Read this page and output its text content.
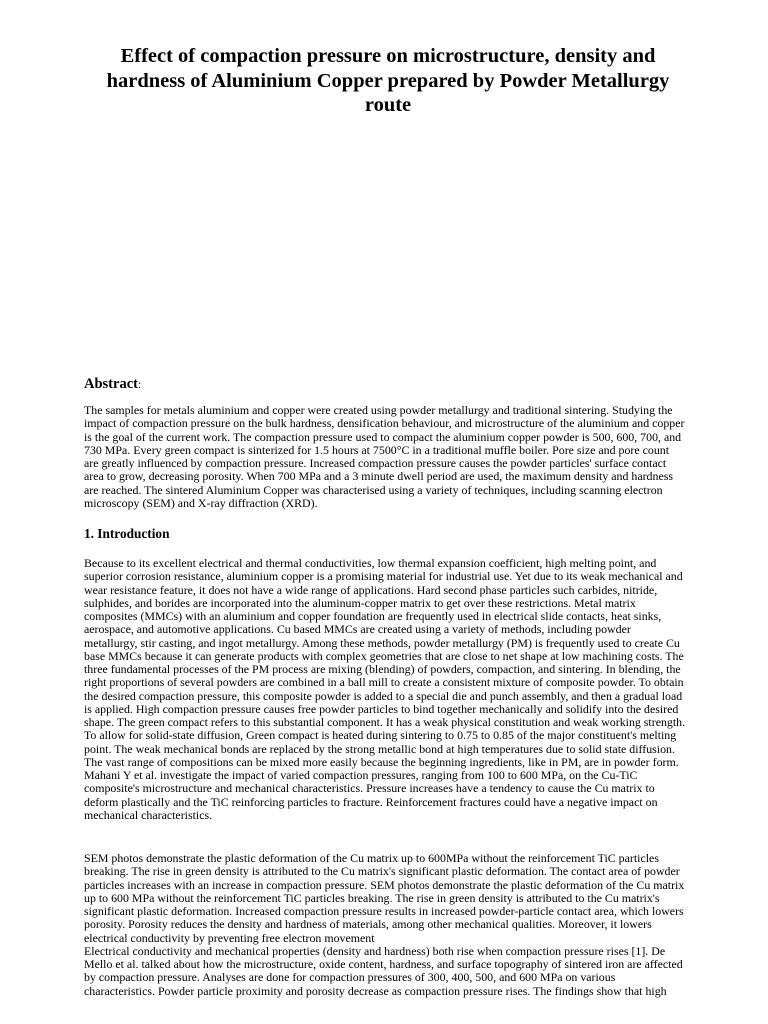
Effect of compaction pressure on microstructure, density and hardness of Aluminium Copper prepared by Powder Metallurgy route
Abstract:

The samples for metals aluminium and copper were created using powder metallurgy and traditional sintering. Studying the impact of compaction pressure on the bulk hardness, densification behaviour, and microstructure of the aluminium and copper is the goal of the current work. The compaction pressure used to compact the aluminium copper powder is 500, 600, 700, and 730 MPa. Every green compact is sinterized for 1.5 hours at 7500°C in a traditional muffle boiler. Pore size and pore count are greatly influenced by compaction pressure. Increased compaction pressure causes the powder particles' surface contact area to grow, decreasing porosity. When 700 MPa and a 3 minute dwell period are used, the maximum density and hardness are reached. The sintered Aluminium Copper was characterised using a variety of techniques, including scanning electron microscopy (SEM) and X-ray diffraction (XRD).

1. Introduction

Because to its excellent electrical and thermal conductivities, low thermal expansion coefficient, high melting point, and superior corrosion resistance, aluminium copper is a promising material for industrial use. Yet due to its weak mechanical and wear resistance feature, it does not have a wide range of applications. Hard second phase particles such carbides, nitride, sulphides, and borides are incorporated into the aluminum-copper matrix to get over these restrictions. Metal matrix composites (MMCs) with an aluminium and copper foundation are frequently used in electrical slide contacts, heat sinks, aerospace, and automotive applications. Cu based MMCs are created using a variety of methods, including powder metallurgy, stir casting, and ingot metallurgy. Among these methods, powder metallurgy (PM) is frequently used to create Cu base MMCs because it can generate products with complex geometries that are close to net shape at low machining costs. The three fundamental processes of the PM process are mixing (blending) of powders, compaction, and sintering. In blending, the right proportions of several powders are combined in a ball mill to create a consistent mixture of composite powder. To obtain the desired compaction pressure, this composite powder is added to a special die and punch assembly, and then a gradual load is applied. High compaction pressure causes free powder particles to bind together mechanically and solidify into the desired shape. The green compact refers to this substantial component. It has a weak physical constitution and weak working strength. To allow for solid-state diffusion, Green compact is heated during sintering to 0.75 to 0.85 of the major constituent's melting point. The weak mechanical bonds are replaced by the strong metallic bond at high temperatures due to solid state diffusion. The vast range of compositions can be mixed more easily because the beginning ingredients, like in PM, are in powder form.

Mahani Y et al. investigate the impact of varied compaction pressures, ranging from 100 to 600 MPa, on the Cu-TiC composite's microstructure and mechanical characteristics. Pressure increases have a tendency to cause the Cu matrix to deform plastically and the TiC reinforcing particles to fracture. Reinforcement fractures could have a negative impact on mechanical characteristics.

SEM photos demonstrate the plastic deformation of the Cu matrix up to 600MPa without the reinforcement TiC particles breaking. The rise in green density is attributed to the Cu matrix's significant plastic deformation. The contact area of powder particles increases with an increase in compaction pressure. SEM photos demonstrate the plastic deformation of the Cu matrix up to 600 MPa without the reinforcement TiC particles breaking. The rise in green density is attributed to the Cu matrix's significant plastic deformation. Increased compaction pressure results in increased powder-particle contact area, which lowers porosity. Porosity reduces the density and hardness of materials, among other mechanical qualities. Moreover, it lowers electrical conductivity by preventing free electron movement

Electrical conductivity and mechanical properties (density and hardness) both rise when compaction pressure rises [1]. De Mello et al. talked about how the microstructure, oxide content, hardness, and surface topography of sintered iron are affected by compaction pressure. Analyses are done for compaction pressures of 300, 400, 500, and 600 MPa on various characteristics. Powder particle proximity and porosity decrease as compaction pressure rises. The findings show that high
